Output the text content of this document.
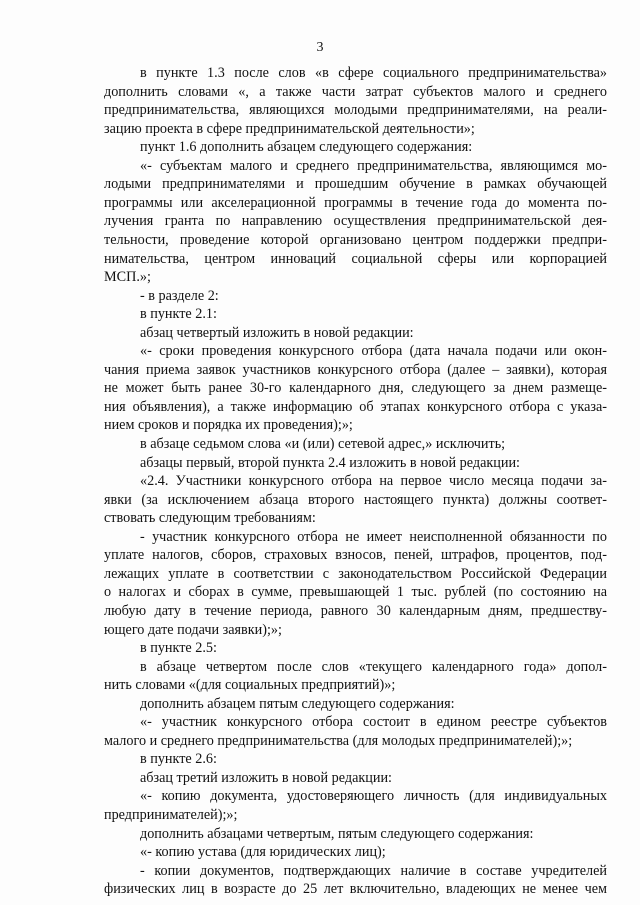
3
в пункте 1.3 после слов «в сфере социального предпринимательства»
дополнить словами «, а также части затрат субъектов малого и среднего
предпринимательства, являющихся молодыми предпринимателями, на реали-
зацию проекта в сфере предпринимательской деятельности»;
пункт 1.6 дополнить абзацем следующего содержания:
«- субъектам малого и среднего предпринимательства, являющимся мо-
лодыми предпринимателями и прошедшим обучение в рамках обучающей
программы или акселерационной программы в течение года до момента по-
лучения гранта по направлению осуществления предпринимательской дея-
тельности, проведение которой организовано центром поддержки предпри-
нимательства, центром инноваций социальной сферы или корпорацией
МСП.»;
- в разделе 2:
в пункте 2.1:
абзац четвертый изложить в новой редакции:
«- сроки проведения конкурсного отбора (дата начала подачи или окон-
чания приема заявок участников конкурсного отбора (далее – заявки), которая
не может быть ранее 30-го календарного дня, следующего за днем размеще-
ния объявления), а также информацию об этапах конкурсного отбора с указа-
нием сроков и порядка их проведения);»;
в абзаце седьмом слова «и (или) сетевой адрес,» исключить;
абзацы первый, второй пункта 2.4 изложить в новой редакции:
«2.4. Участники конкурсного отбора на первое число месяца подачи за-
явки (за исключением абзаца второго настоящего пункта) должны соответ-
ствовать следующим требованиям:
- участник конкурсного отбора не имеет неисполненной обязанности по
уплате налогов, сборов, страховых взносов, пеней, штрафов, процентов, под-
лежащих уплате в соответствии с законодательством Российской Федерации
о налогах и сборах в сумме, превышающей 1 тыс. рублей (по состоянию на
любую дату в течение периода, равного 30 календарным дням, предшеству-
ющего дате подачи заявки);»;
в пункте 2.5:
в абзаце четвертом после слов «текущего календарного года» допол-
нить словами «(для социальных предприятий)»;
дополнить абзацем пятым следующего содержания:
«- участник конкурсного отбора состоит в едином реестре субъектов
малого и среднего предпринимательства (для молодых предпринимателей);»;
в пункте 2.6:
абзац третий изложить в новой редакции:
«- копию документа, удостоверяющего личность (для индивидуальных
предпринимателей);»;
дополнить абзацами четвертым, пятым следующего содержания:
«- копию устава (для юридических лиц);
- копии документов, подтверждающих наличие в составе учредителей
физических лиц в возрасте до 25 лет включительно, владеющих не менее чем
